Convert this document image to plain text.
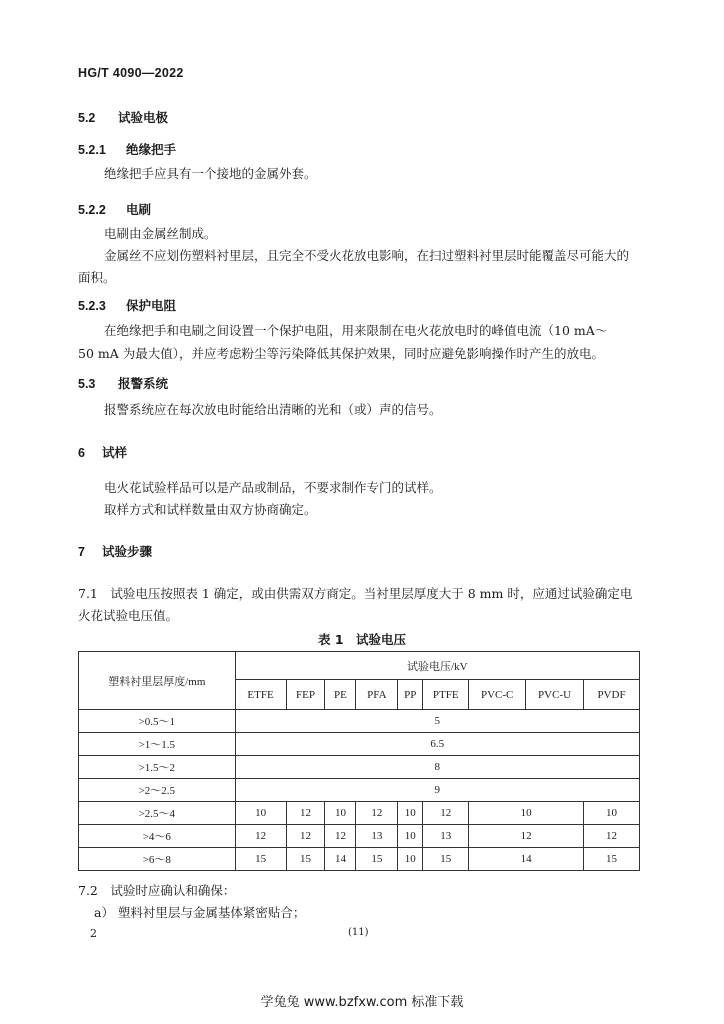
HG/T 4090—2022
5.2 试验电极
5.2.1 绝缘把手
绝缘把手应具有一个接地的金属外套。
5.2.2 电刷
电刷由金属丝制成。
金属丝不应划伤塑料衬里层，且完全不受火花放电影响，在扫过塑料衬里层时能覆盖尽可能大的
面积。
5.2.3 保护电阻
在绝缘把手和电刷之间设置一个保护电阻，用来限制在电火花放电时的峰值电流（10 mA～
50 mA 为最大值），并应考虑粉尘等污染降低其保护效果，同时应避免影响操作时产生的放电。
5.3 报警系统
报警系统应在每次放电时能给出清晰的光和（或）声的信号。
6 试样
电火花试验样品可以是产品或制品，不要求制作专门的试样。
取样方式和试样数量由双方协商确定。
7 试验步骤
7.1　试验电压按照表 1 确定，或由供需双方商定。当衬里层厚度大于 8 mm 时，应通过试验确定电
火花试验电压值。
表 1　试验电压
塑料衬里层厚度/mm	试验电压/kV								
	ETFE	FEP	PE	PFA	PP	PTFE	PVC-C	PVC-U	PVDF
>0.5～1	5								
>1～1.5	6.5								
>1.5～2	8								
>2～2.5	9								
>2.5～4	10	12	10	12	10	12	10		10
>4～6	12	12	12	13	10	13	12		12
>6～8	15	15	14	15	10	15	14		15
7.2　试验时应确认和确保：
a） 塑料衬里层与金属基体紧密贴合；
2	(11)
学兔兔 www.bzfxw.com 标准下载
